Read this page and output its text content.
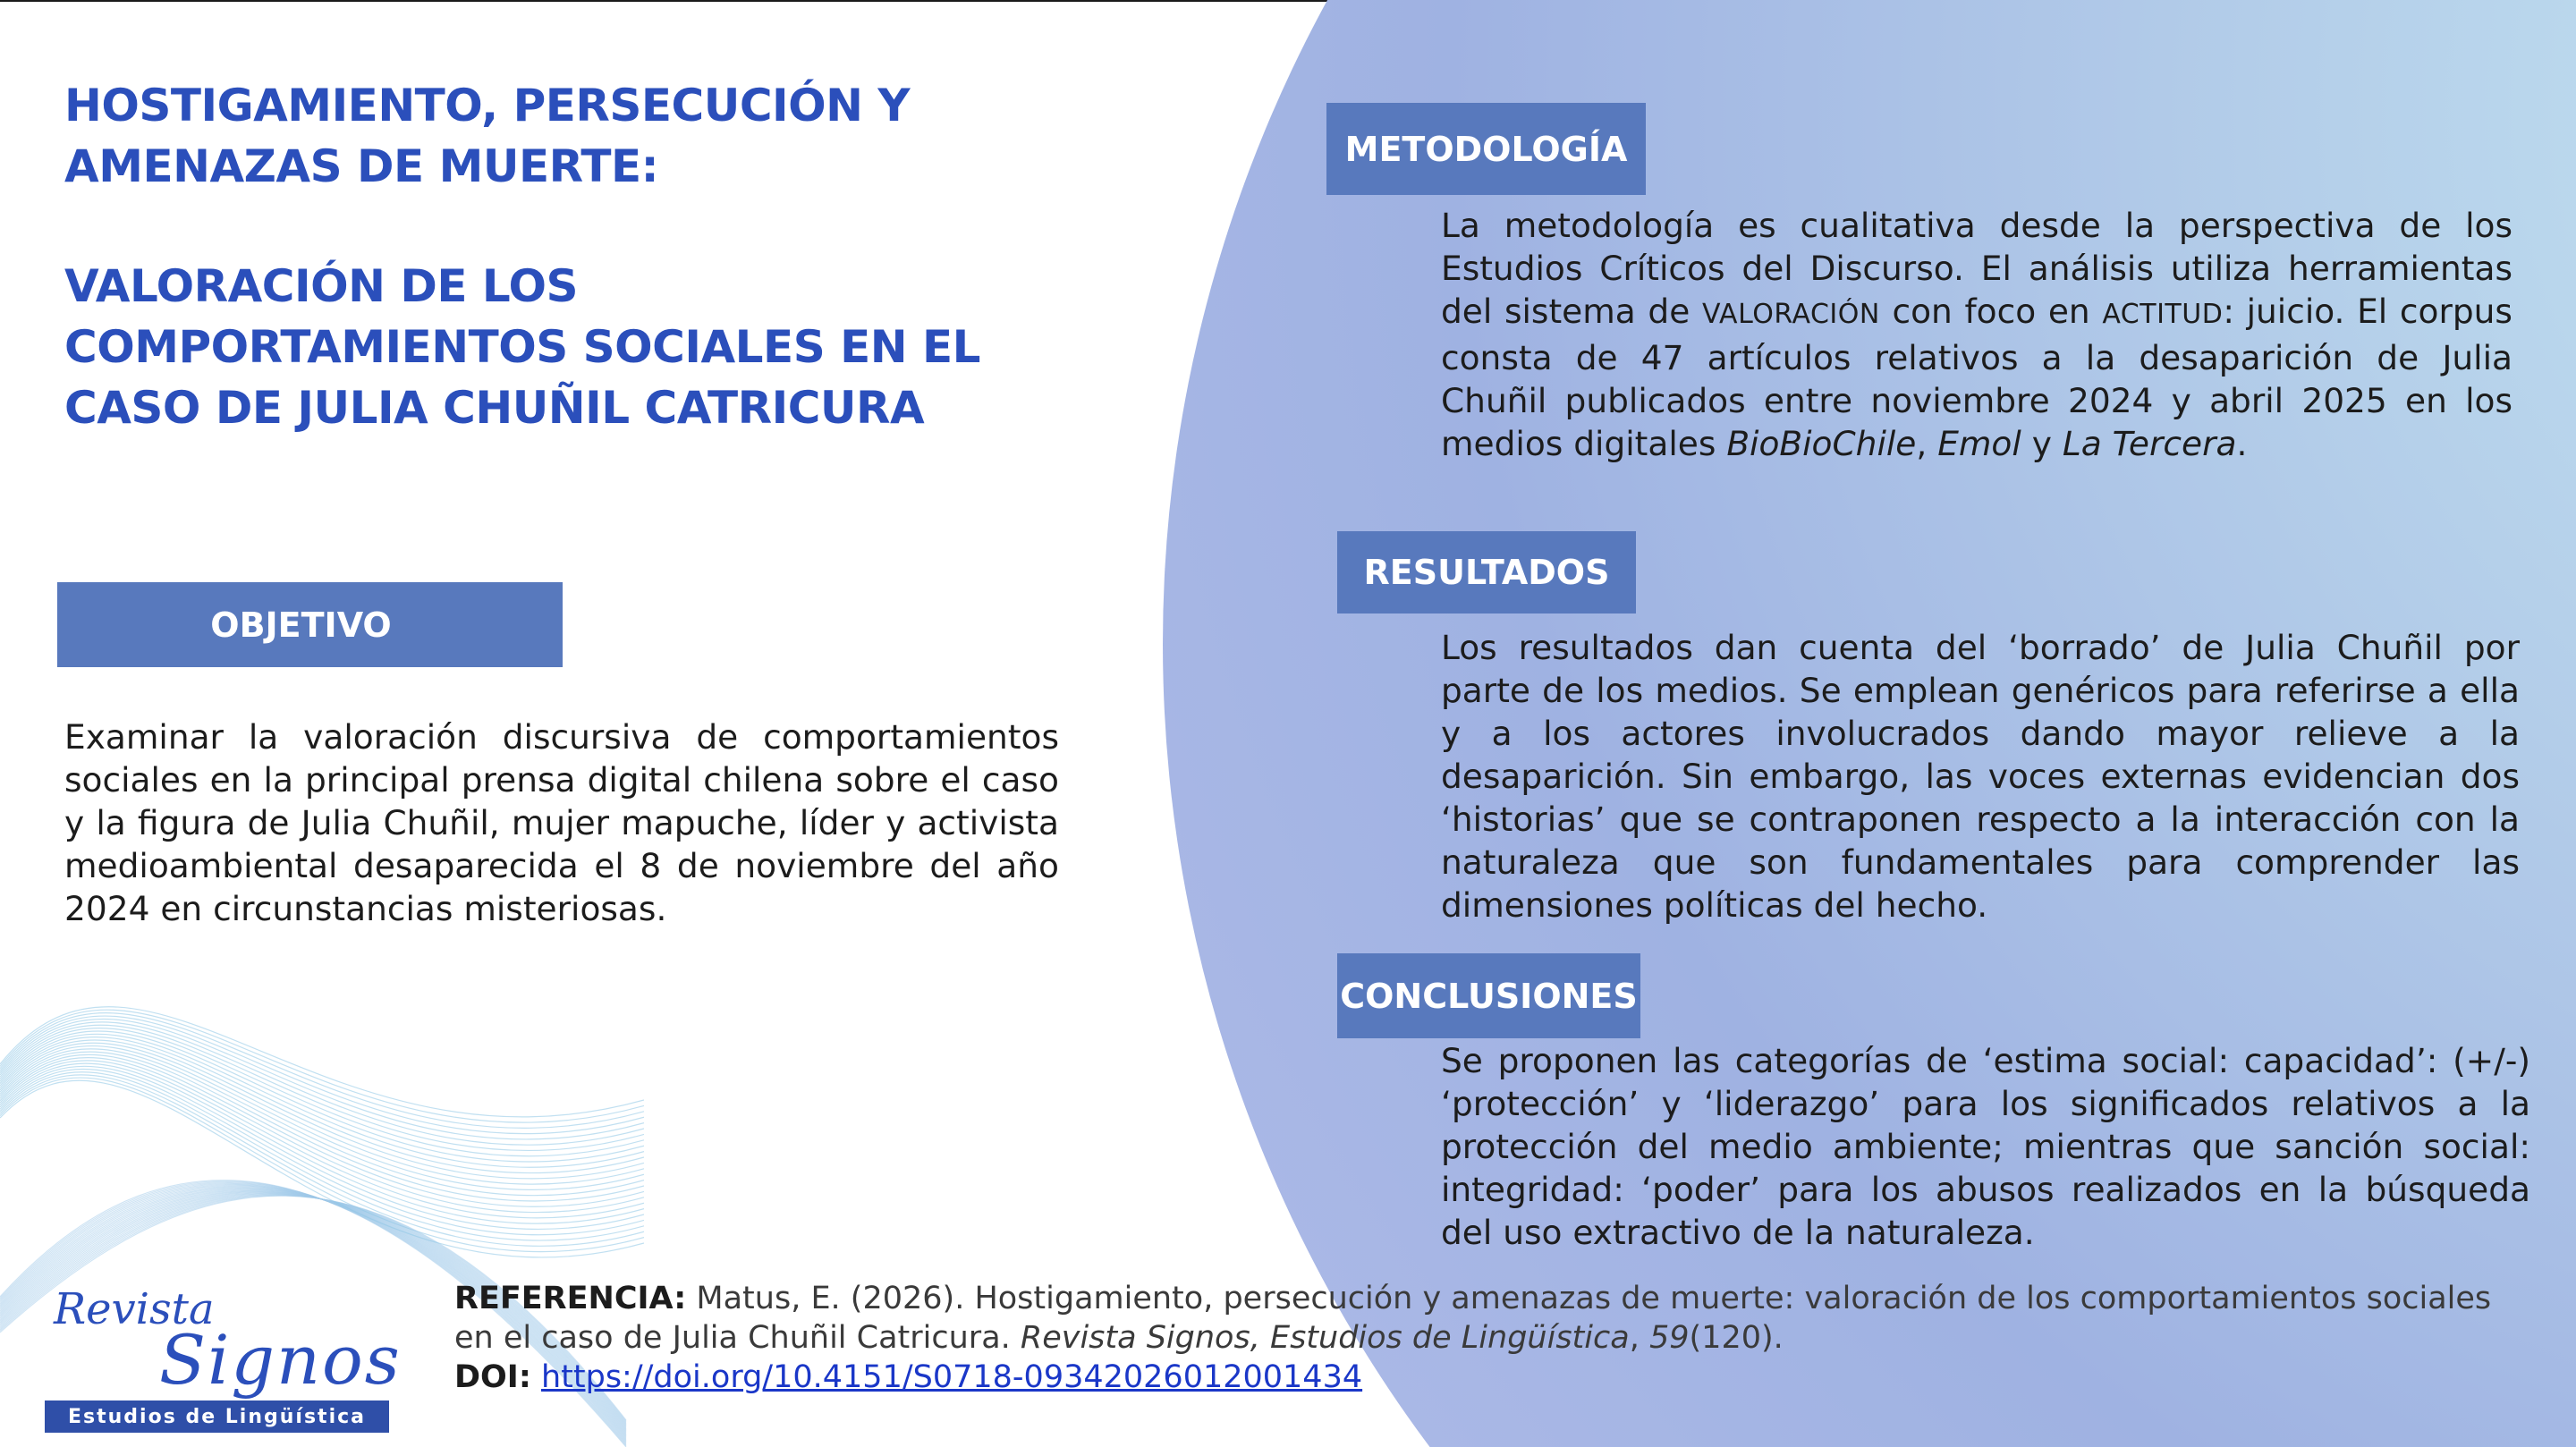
HOSTIGAMIENTO, PERSECUCIÓN Y AMENAZAS DE MUERTE:
VALORACIÓN DE LOS COMPORTAMIENTOS SOCIALES EN EL CASO DE JULIA CHUÑIL CATRICURA
OBJETIVO

Examinar la valoración discursiva de comportamientos sociales en la principal prensa digital chilena sobre el caso y la figura de Julia Chuñil, mujer mapuche, líder y activista medioambiental desaparecida el 8 de noviembre del año 2024 en circunstancias misteriosas.

METODOLOGÍA

La metodología es cualitativa desde la perspectiva de los Estudios Críticos del Discurso. El análisis utiliza herramientas del sistema de VALORACIÓN con foco en ACTITUD: juicio. El corpus consta de 47 artículos relativos a la desaparición de Julia Chuñil publicados entre noviembre 2024 y abril 2025 en los medios digitales BioBioChile, Emol y La Tercera.

RESULTADOS

Los resultados dan cuenta del ‘borrado’ de Julia Chuñil por parte de los medios. Se emplean genéricos para referirse a ella y a los actores involucrados dando mayor relieve a la desaparición. Sin embargo, las voces externas evidencian dos ‘historias’ que se contraponen respecto a la interacción con la naturaleza que son fundamentales para comprender las dimensiones políticas del hecho.

CONCLUSIONES

Se proponen las categorías de ‘estima social: capacidad’: (+/-) ‘protección’ y ‘liderazgo’ para los significados relativos a la protección del medio ambiente; mientras que sanción social: integridad: ‘poder’ para los abusos realizados en la búsqueda del uso extractivo de la naturaleza.

REFERENCIA: Matus, E. (2026). Hostigamiento, persecución y amenazas de muerte: valoración de los comportamientos sociales en el caso de Julia Chuñil Catricura. Revista Signos, Estudios de Lingüística, 59(120).
DOI: https://doi.org/10.4151/S0718-09342026012001434
Revista
Signos
Estudios de Lingüística
